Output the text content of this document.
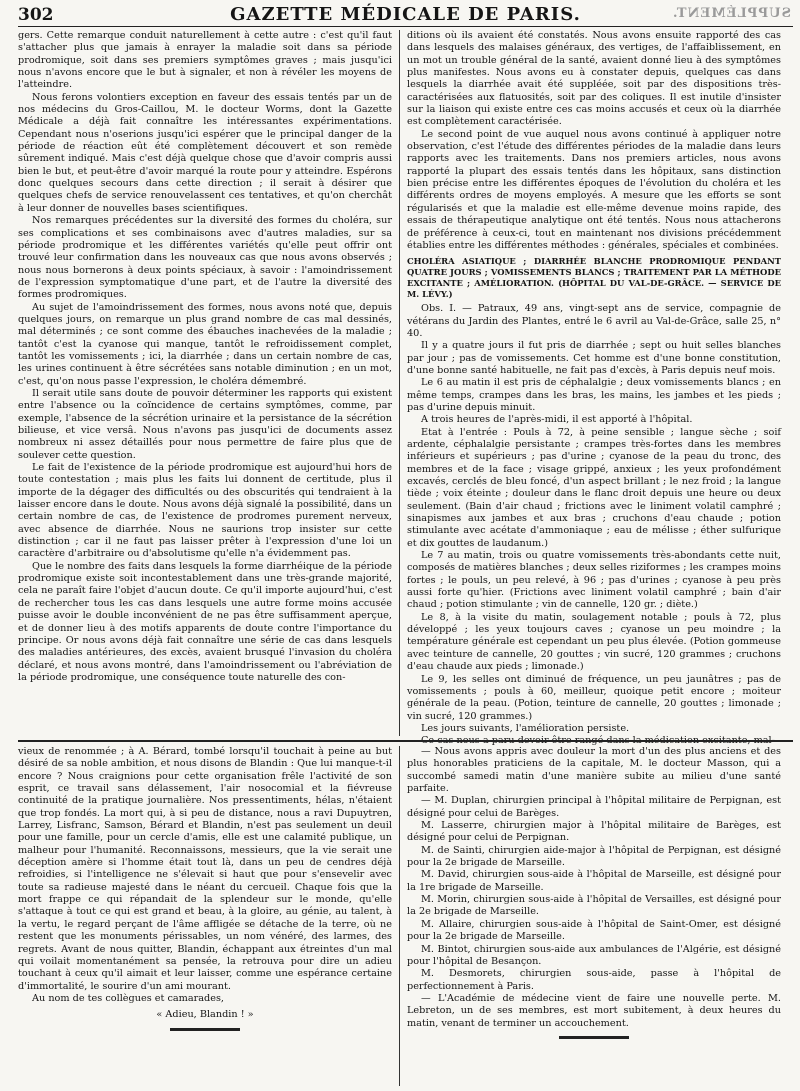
302	GAZETTE MÉDICALE DE PARIS.	SUPPLÉMENT.

gers. Cette remarque conduit naturellement à cette autre : c'est qu'il faut s'attacher plus que jamais à enrayer la maladie soit dans sa période prodromique, soit dans ses premiers symptômes graves ; mais jusqu'ici nous n'avons encore que le but à signaler, et non à révéler les moyens de l'atteindre.

Nous ferons volontiers exception en faveur des essais tentés par un de nos médecins du Gros-Caillou, M. le docteur Worms, dont la Gazette Médicale a déjà fait connaître les intéressantes expérimentations. Cependant nous n'oserions jusqu'ici espérer que le principal danger de la période de réaction eût été complètement découvert et son remède sûrement indiqué. Mais c'est déjà quelque chose que d'avoir compris aussi bien le but, et peut-être d'avoir marqué la route pour y atteindre. Espérons donc quelques secours dans cette direction ; il serait à désirer que quelques chefs de service renouvelassent ces tentatives, et qu'on cherchât à leur donner de nouvelles bases scientifiques.

Nos remarques précédentes sur la diversité des formes du choléra, sur ses complications et ses combinaisons avec d'autres maladies, sur sa période prodromique et les différentes variétés qu'elle peut offrir ont trouvé leur confirmation dans les nouveaux cas que nous avons observés ; nous nous bornerons à deux points spéciaux, à savoir : l'amoindrissement de l'expression symptomatique d'une part, et de l'autre la diversité des formes prodromiques.

Au sujet de l'amoindrissement des formes, nous avons noté que, depuis quelques jours, on remarque un plus grand nombre de cas mal dessinés, mal déterminés ; ce sont comme des ébauches inachevées de la maladie ; tantôt c'est la cyanose qui manque, tantôt le refroidissement complet, tantôt les vomissements ; ici, la diarrhée ; dans un certain nombre de cas, les urines continuent à être sécrétées sans notable diminution ; en un mot, c'est, qu'on nous passe l'expression, le choléra démembré.

Il serait utile sans doute de pouvoir déterminer les rapports qui existent entre l'absence ou la coïncidence de certains symptômes, comme, par exemple, l'absence de la sécrétion urinaire et la persistance de la sécrétion bilieuse, et vice versâ. Nous n'avons pas jusqu'ici de documents assez nombreux ni assez détaillés pour nous permettre de faire plus que de soulever cette question.

Le fait de l'existence de la période prodromique est aujourd'hui hors de toute contestation ; mais plus les faits lui donnent de certitude, plus il importe de la dégager des difficultés ou des obscurités qui tendraient à la laisser encore dans le doute. Nous avons déjà signalé la possibilité, dans un certain nombre de cas, de l'existence de prodromes purement nerveux, avec absence de diarrhée. Nous ne saurions trop insister sur cette distinction ; car il ne faut pas laisser prêter à l'expression d'une loi un caractère d'arbitraire ou d'absolutisme qu'elle n'a évidemment pas.

Que le nombre des faits dans lesquels la forme diarrhéique de la période prodromique existe soit incontestablement dans une très-grande majorité, cela ne paraît faire l'objet d'aucun doute. Ce qu'il importe aujourd'hui, c'est de rechercher tous les cas dans lesquels une autre forme moins accusée puisse avoir le double inconvénient de ne pas être suffisamment aperçue, et de donner lieu à des motifs apparents de doute contre l'importance du principe. Or nous avons déjà fait connaître une série de cas dans lesquels des maladies antérieures, des excès, avaient brusqué l'invasion du choléra déclaré, et nous avons montré, dans l'amoindrissement ou l'abréviation de la période prodromique, une conséquence toute naturelle des con-

ditions où ils avaient été constatés. Nous avons ensuite rapporté des cas dans lesquels des malaises généraux, des vertiges, de l'affaiblissement, en un mot un trouble général de la santé, avaient donné lieu à des symptômes plus manifestes. Nous avons eu à constater depuis, quelques cas dans lesquels la diarrhée avait été suppléée, soit par des dispositions très-caractérisées aux flatuosités, soit par des coliques. Il est inutile d'insister sur la liaison qui existe entre ces cas moins accusés et ceux où la diarrhée est complètement caractérisée.

Le second point de vue auquel nous avons continué à appliquer notre observation, c'est l'étude des différentes périodes de la maladie dans leurs rapports avec les traitements. Dans nos premiers articles, nous avons rapporté la plupart des essais tentés dans les hôpitaux, sans distinction bien précise entre les différentes époques de l'évolution du choléra et les différents ordres de moyens employés. A mesure que les efforts se sont régularisés et que la maladie est elle-même devenue moins rapide, des essais de thérapeutique analytique ont été tentés. Nous nous attacherons de préférence à ceux-ci, tout en maintenant nos divisions précédemment établies entre les différentes méthodes : générales, spéciales et combinées.

CHOLÉRA ASIATIQUE ; DIARRHÉE BLANCHE PRODROMIQUE PENDANT QUATRE JOURS ; VOMISSEMENTS BLANCS ; TRAITEMENT PAR LA MÉTHODE EXCITANTE ; AMÉLIORATION. (HÔPITAL DU VAL-DE-GRÂCE. — SERVICE DE M. LÉVY.)

Obs. I. — Patraux, 49 ans, vingt-sept ans de service, compagnie de vétérans du Jardin des Plantes, entré le 6 avril au Val-de-Grâce, salle 25, n° 40.

Il y a quatre jours il fut pris de diarrhée ; sept ou huit selles blanches par jour ; pas de vomissements. Cet homme est d'une bonne constitution, d'une bonne santé habituelle, ne fait pas d'excès, à Paris depuis neuf mois.

Le 6 au matin il est pris de céphalalgie ; deux vomissements blancs ; en même temps, crampes dans les bras, les mains, les jambes et les pieds ; pas d'urine depuis minuit.

A trois heures de l'après-midi, il est apporté à l'hôpital.

Etat à l'entrée : Pouls à 72, à peine sensible ; langue sèche ; soif ardente, céphalalgie persistante ; crampes très-fortes dans les membres inférieurs et supérieurs ; pas d'urine ; cyanose de la peau du tronc, des membres et de la face ; visage grippé, anxieux ; les yeux profondément excavés, cerclés de bleu foncé, d'un aspect brillant ; le nez froid ; la langue tiède ; voix éteinte ; douleur dans le flanc droit depuis une heure ou deux seulement. (Bain d'air chaud ; frictions avec le liniment volatil camphré ; sinapismes aux jambes et aux bras ; cruchons d'eau chaude ; potion stimulante avec acétate d'ammoniaque ; eau de mélisse ; éther sulfurique et dix gouttes de laudanum.)

Le 7 au matin, trois ou quatre vomissements très-abondants cette nuit, composés de matières blanches ; deux selles riziformes ; les crampes moins fortes ; le pouls, un peu relevé, à 96 ; pas d'urines ; cyanose à peu près aussi forte qu'hier. (Frictions avec liniment volatil camphré ; bain d'air chaud ; potion stimulante ; vin de cannelle, 120 gr. ; diète.)

Le 8, à la visite du matin, soulagement notable ; pouls à 72, plus développé ; les yeux toujours caves ; cyanose un peu moindre ; la température générale est cependant un peu plus élevée. (Potion gommeuse avec teinture de cannelle, 20 gouttes ; vin sucré, 120 grammes ; cruchons d'eau chaude aux pieds ; limonade.)

Le 9, les selles ont diminué de fréquence, un peu jaunâtres ; pas de vomissements ; pouls à 60, meilleur, quoique petit encore ; moiteur générale de la peau. (Potion, teinture de cannelle, 20 gouttes ; limonade ; vin sucré, 120 grammes.)

Les jours suivants, l'amélioration persiste.

vieux de renommée ; à A. Bérard, tombé lorsqu'il touchait à peine au but désiré de sa noble ambition, et nous disons de Blandin : Que lui manque-t-il encore ? Nous craignions pour cette organisation frêle l'activité de son esprit, ce travail sans délassement, l'air nosocomial et la fiévreuse continuité de la pratique journalière. Nos pressentiments, hélas, n'étaient que trop fondés. La mort qui, à si peu de distance, nous a ravi Dupuytren, Larrey, Lisfranc, Samson, Bérard et Blandin, n'est pas seulement un deuil pour une famille, pour un cercle d'amis, elle est une calamité publique, un malheur pour l'humanité. Reconnaissons, messieurs, que la vie serait une déception amère si l'homme était tout là, dans un peu de cendres déjà refroidies, si l'intelligence ne s'élevait si haut que pour s'ensevelir avec toute sa radieuse majesté dans le néant du cercueil. Chaque fois que la mort frappe ce qui répandait de la splendeur sur le monde, qu'elle s'attaque à tout ce qui est grand et beau, à la gloire, au génie, au talent, à la vertu, le regard perçant de l'âme affligée se détache de la terre, où ne restent que les monuments périssables, un nom vénéré, des larmes, des regrets. Avant de nous quitter, Blandin, échappant aux étreintes d'un mal qui voilait momentanément sa pensée, la retrouva pour dire un adieu touchant à ceux qu'il aimait et leur laisser, comme une espérance certaine d'immortalité, le sourire d'un ami mourant.

Au nom de tes collègues et camarades,

« Adieu, Blandin ! »

— Nous avons appris avec douleur la mort d'un des plus anciens et des plus honorables praticiens de la capitale, M. le docteur Masson, qui a succombé samedi matin d'une manière subite au milieu d'une santé parfaite.

— M. Duplan, chirurgien principal à l'hôpital militaire de Perpignan, est désigné pour celui de Barèges.

M. Lasserre, chirurgien major à l'hôpital militaire de Barèges, est désigné pour celui de Perpignan.

M. de Sainti, chirurgien aide-major à l'hôpital de Perpignan, est désigné pour la 2e brigade de Marseille.

M. David, chirurgien sous-aide à l'hôpital de Marseille, est désigné pour la 1re brigade de Marseille.

M. Morin, chirurgien sous-aide à l'hôpital de Versailles, est désigné pour la 2e brigade de Marseille.

M. Allaire, chirurgien sous-aide à l'hôpital de Saint-Omer, est désigné pour la 2e brigade de Marseille.

M. Bintot, chirurgien sous-aide aux ambulances de l'Algérie, est désigné pour l'hôpital de Besançon.

M. Desmorets, chirurgien sous-aide, passe à l'hôpital de perfectionnement à Paris.

— L'Académie de médecine vient de faire une nouvelle perte. M. Lebreton, un de ses membres, est mort subitement, à deux heures du matin, venant de terminer un accouchement.
